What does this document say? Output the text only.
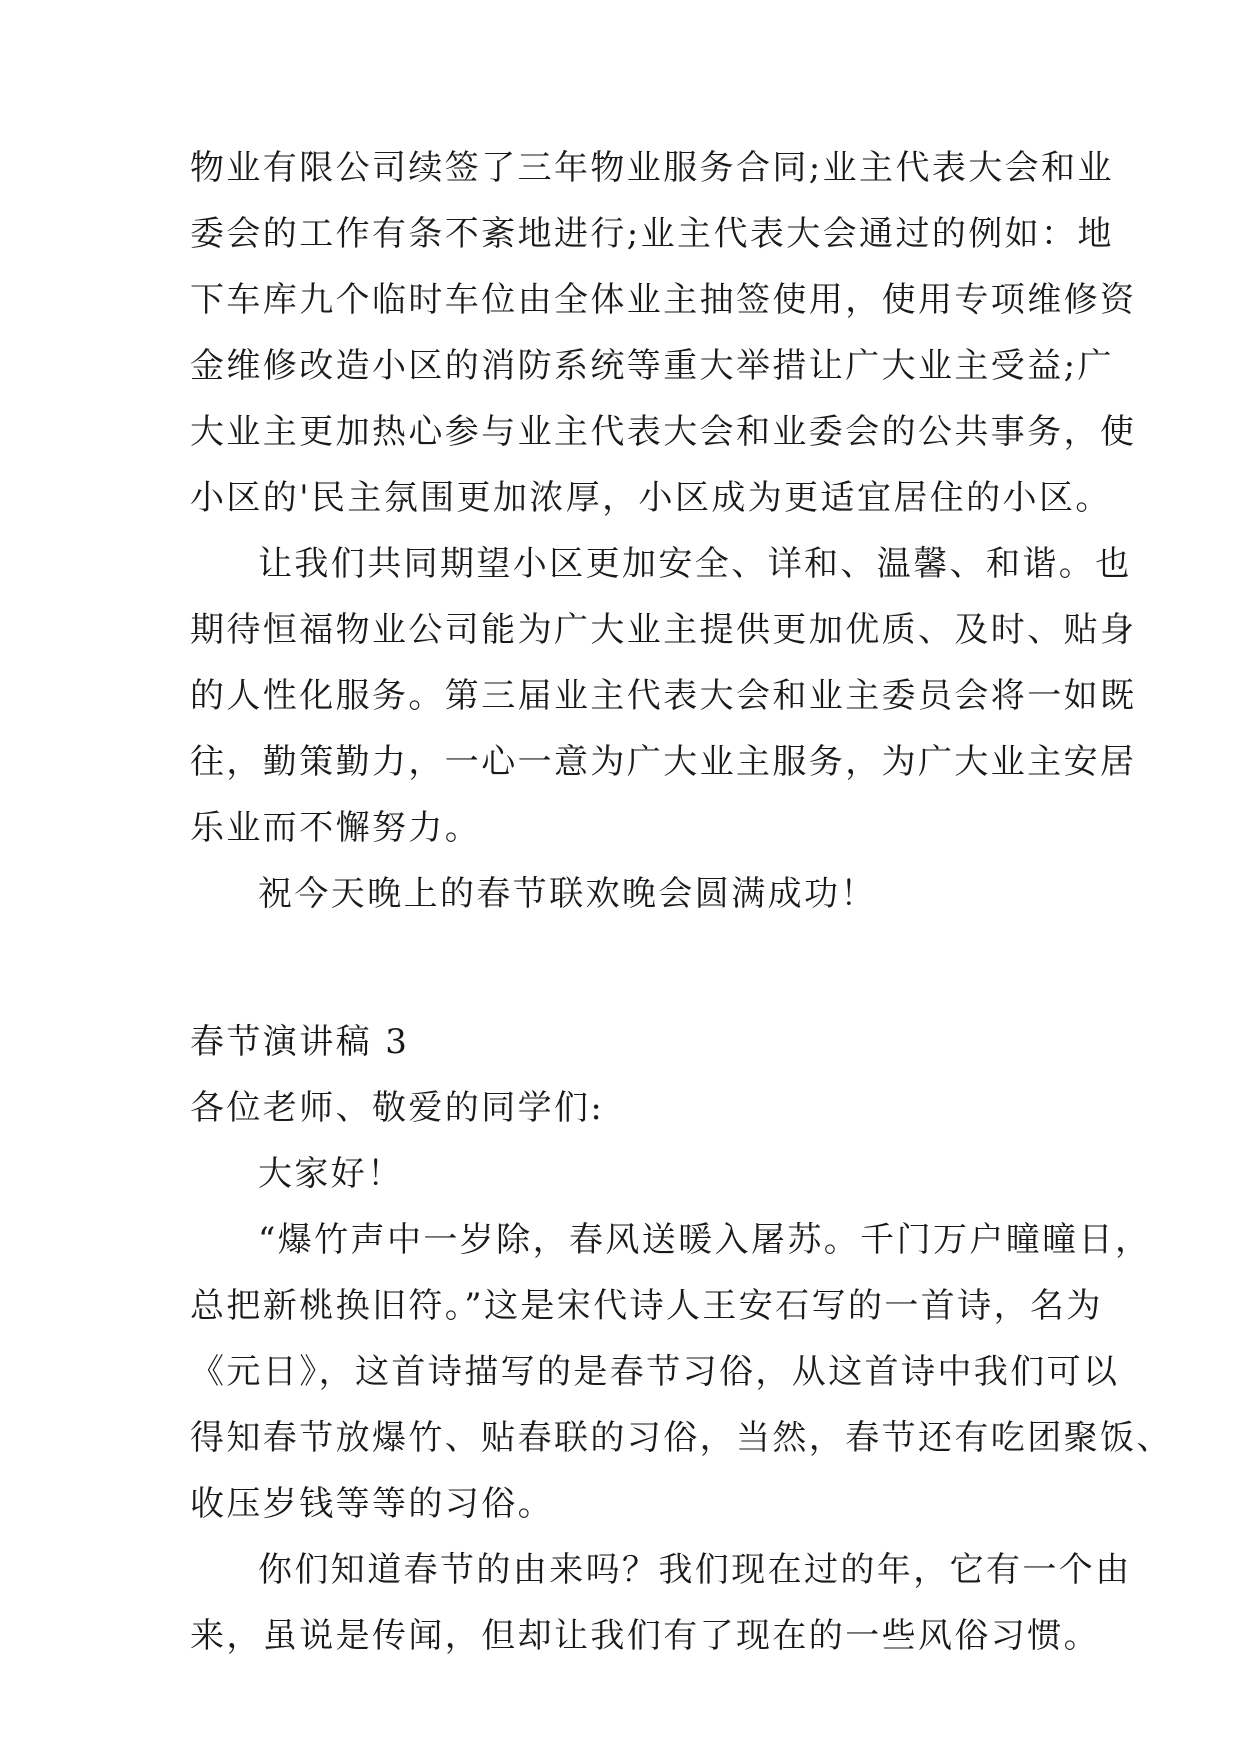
物业有限公司续签了三年物业服务合同;业主代表大会和业
委会的工作有条不紊地进行;业主代表大会通过的例如：地
下车库九个临时车位由全体业主抽签使用，使用专项维修资
金维修改造小区的消防系统等重大举措让广大业主受益;广
大业主更加热心参与业主代表大会和业委会的公共事务，使
小区的'民主氛围更加浓厚，小区成为更适宜居住的小区。
让我们共同期望小区更加安全、详和、温馨、和谐。也
期待恒福物业公司能为广大业主提供更加优质、及时、贴身
的人性化服务。第三届业主代表大会和业主委员会将一如既
往，勤策勤力，一心一意为广大业主服务，为广大业主安居
乐业而不懈努力。
祝今天晚上的春节联欢晚会圆满成功！
春节演讲稿 3
各位老师、敬爱的同学们:
大家好！
“爆竹声中一岁除，春风送暖入屠苏。千门万户曈曈日，
总把新桃换旧符。”这是宋代诗人王安石写的一首诗，名为
《元日》，这首诗描写的是春节习俗，从这首诗中我们可以
得知春节放爆竹、贴春联的习俗，当然，春节还有吃团聚饭、
收压岁钱等等的习俗。
你们知道春节的由来吗？我们现在过的年，它有一个由
来，虽说是传闻，但却让我们有了现在的一些风俗习惯。
